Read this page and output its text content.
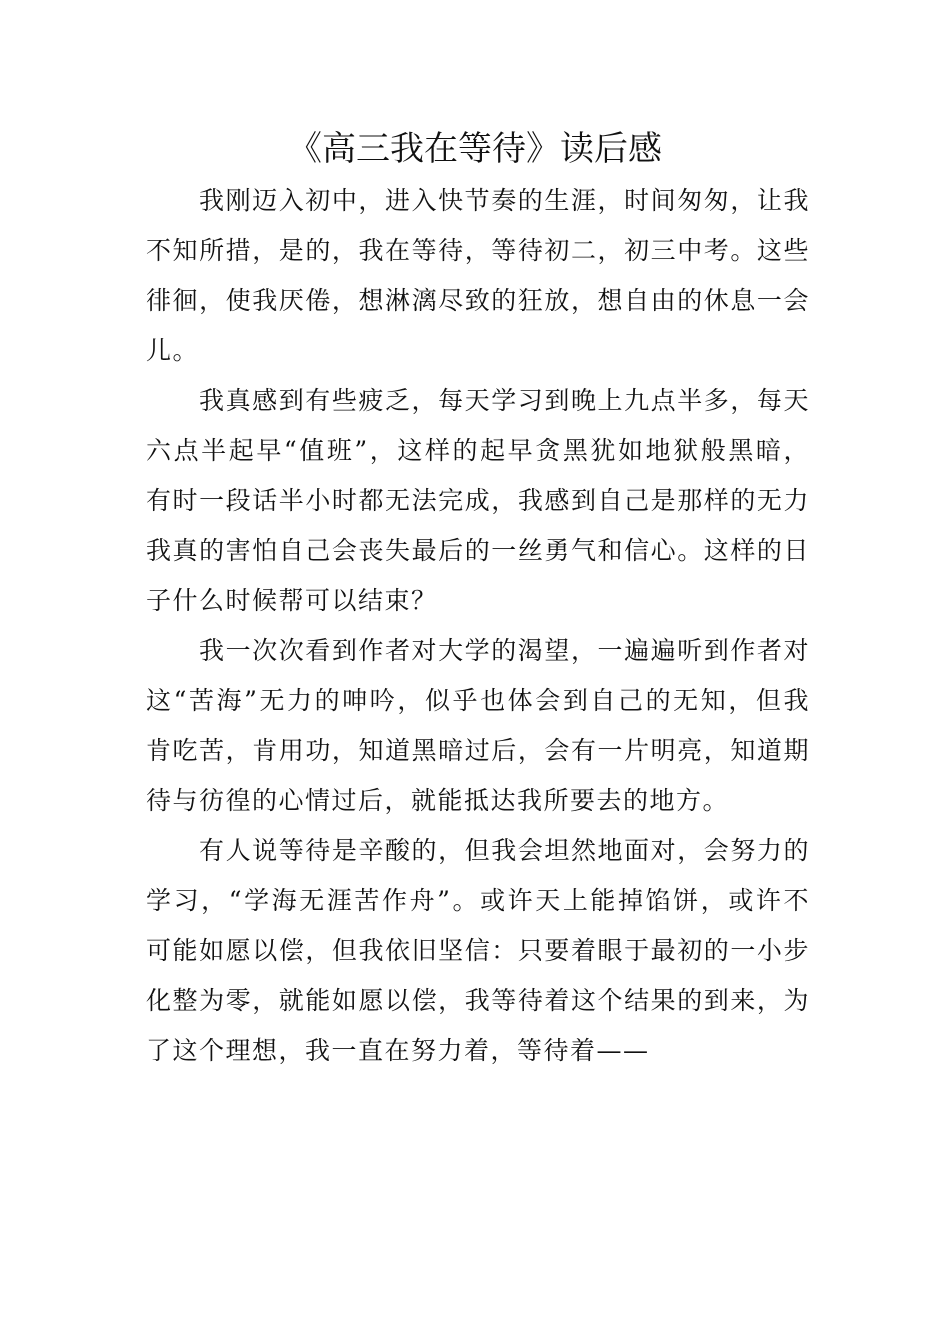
《高三我在等待》读后感

我刚迈入初中，进入快节奏的生涯，时间匆匆，让我不知所措，是的，我在等待，等待初二，初三中考。这些徘徊，使我厌倦，想淋漓尽致的狂放，想自由的休息一会儿。

我真感到有些疲乏，每天学习到晚上九点半多，每天六点半起早“值班”，这样的起早贪黑犹如地狱般黑暗，有时一段话半小时都无法完成，我感到自己是那样的无力我真的害怕自己会丧失最后的一丝勇气和信心。这样的日子什么时候帮可以结束？

我一次次看到作者对大学的渴望，一遍遍听到作者对这“苦海”无力的呻吟，似乎也体会到自己的无知，但我肯吃苦，肯用功，知道黑暗过后，会有一片明亮，知道期待与彷徨的心情过后，就能抵达我所要去的地方。

有人说等待是辛酸的，但我会坦然地面对，会努力的学习，“学海无涯苦作舟”。或许天上能掉馅饼，或许不可能如愿以偿，但我依旧坚信：只要着眼于最初的一小步化整为零，就能如愿以偿，我等待着这个结果的到来，为了这个理想，我一直在努力着，等待着——
